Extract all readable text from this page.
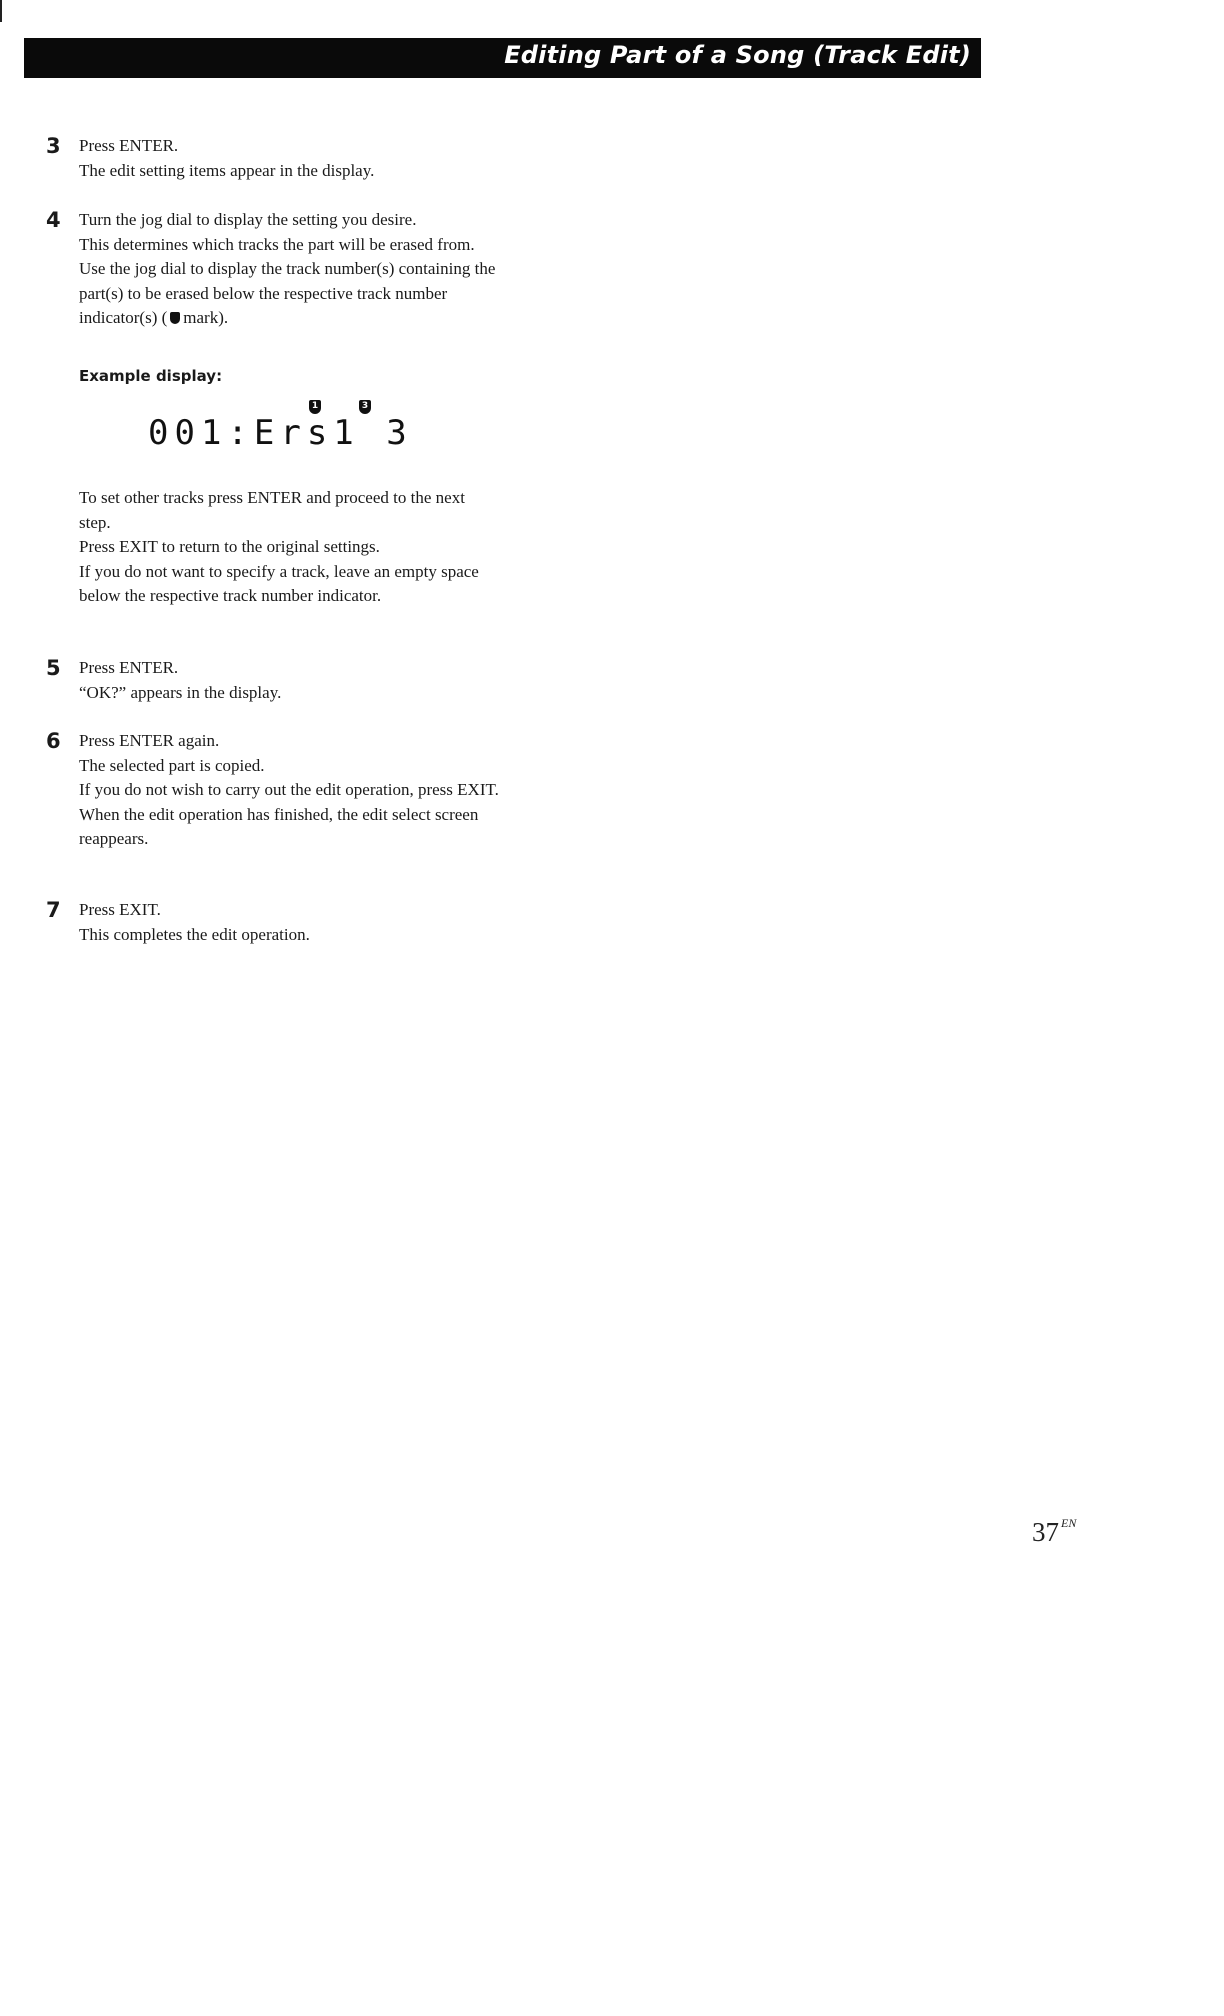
Editing Part of a Song (Track Edit)
3 Press ENTER.

The edit setting items appear in the display.

4 Turn the jog dial to display the setting you desire.

This determines which tracks the part will be erased from.

Use the jog dial to display the track number(s) containing the part(s) to be erased below the respective track number indicator(s) ( mark).

Example display:
1	3
001:Ers1 3

To set other tracks press ENTER and proceed to the next step.

Press EXIT to return to the original settings.

If you do not want to specify a track, leave an empty space below the respective track number indicator.

5 Press ENTER.

“OK?” appears in the display.

6 Press ENTER again.

The selected part is copied.

If you do not wish to carry out the edit operation, press EXIT.

When the edit operation has finished, the edit select screen reappears.

7 Press EXIT.

This completes the edit operation.

37 $^{EN}$
